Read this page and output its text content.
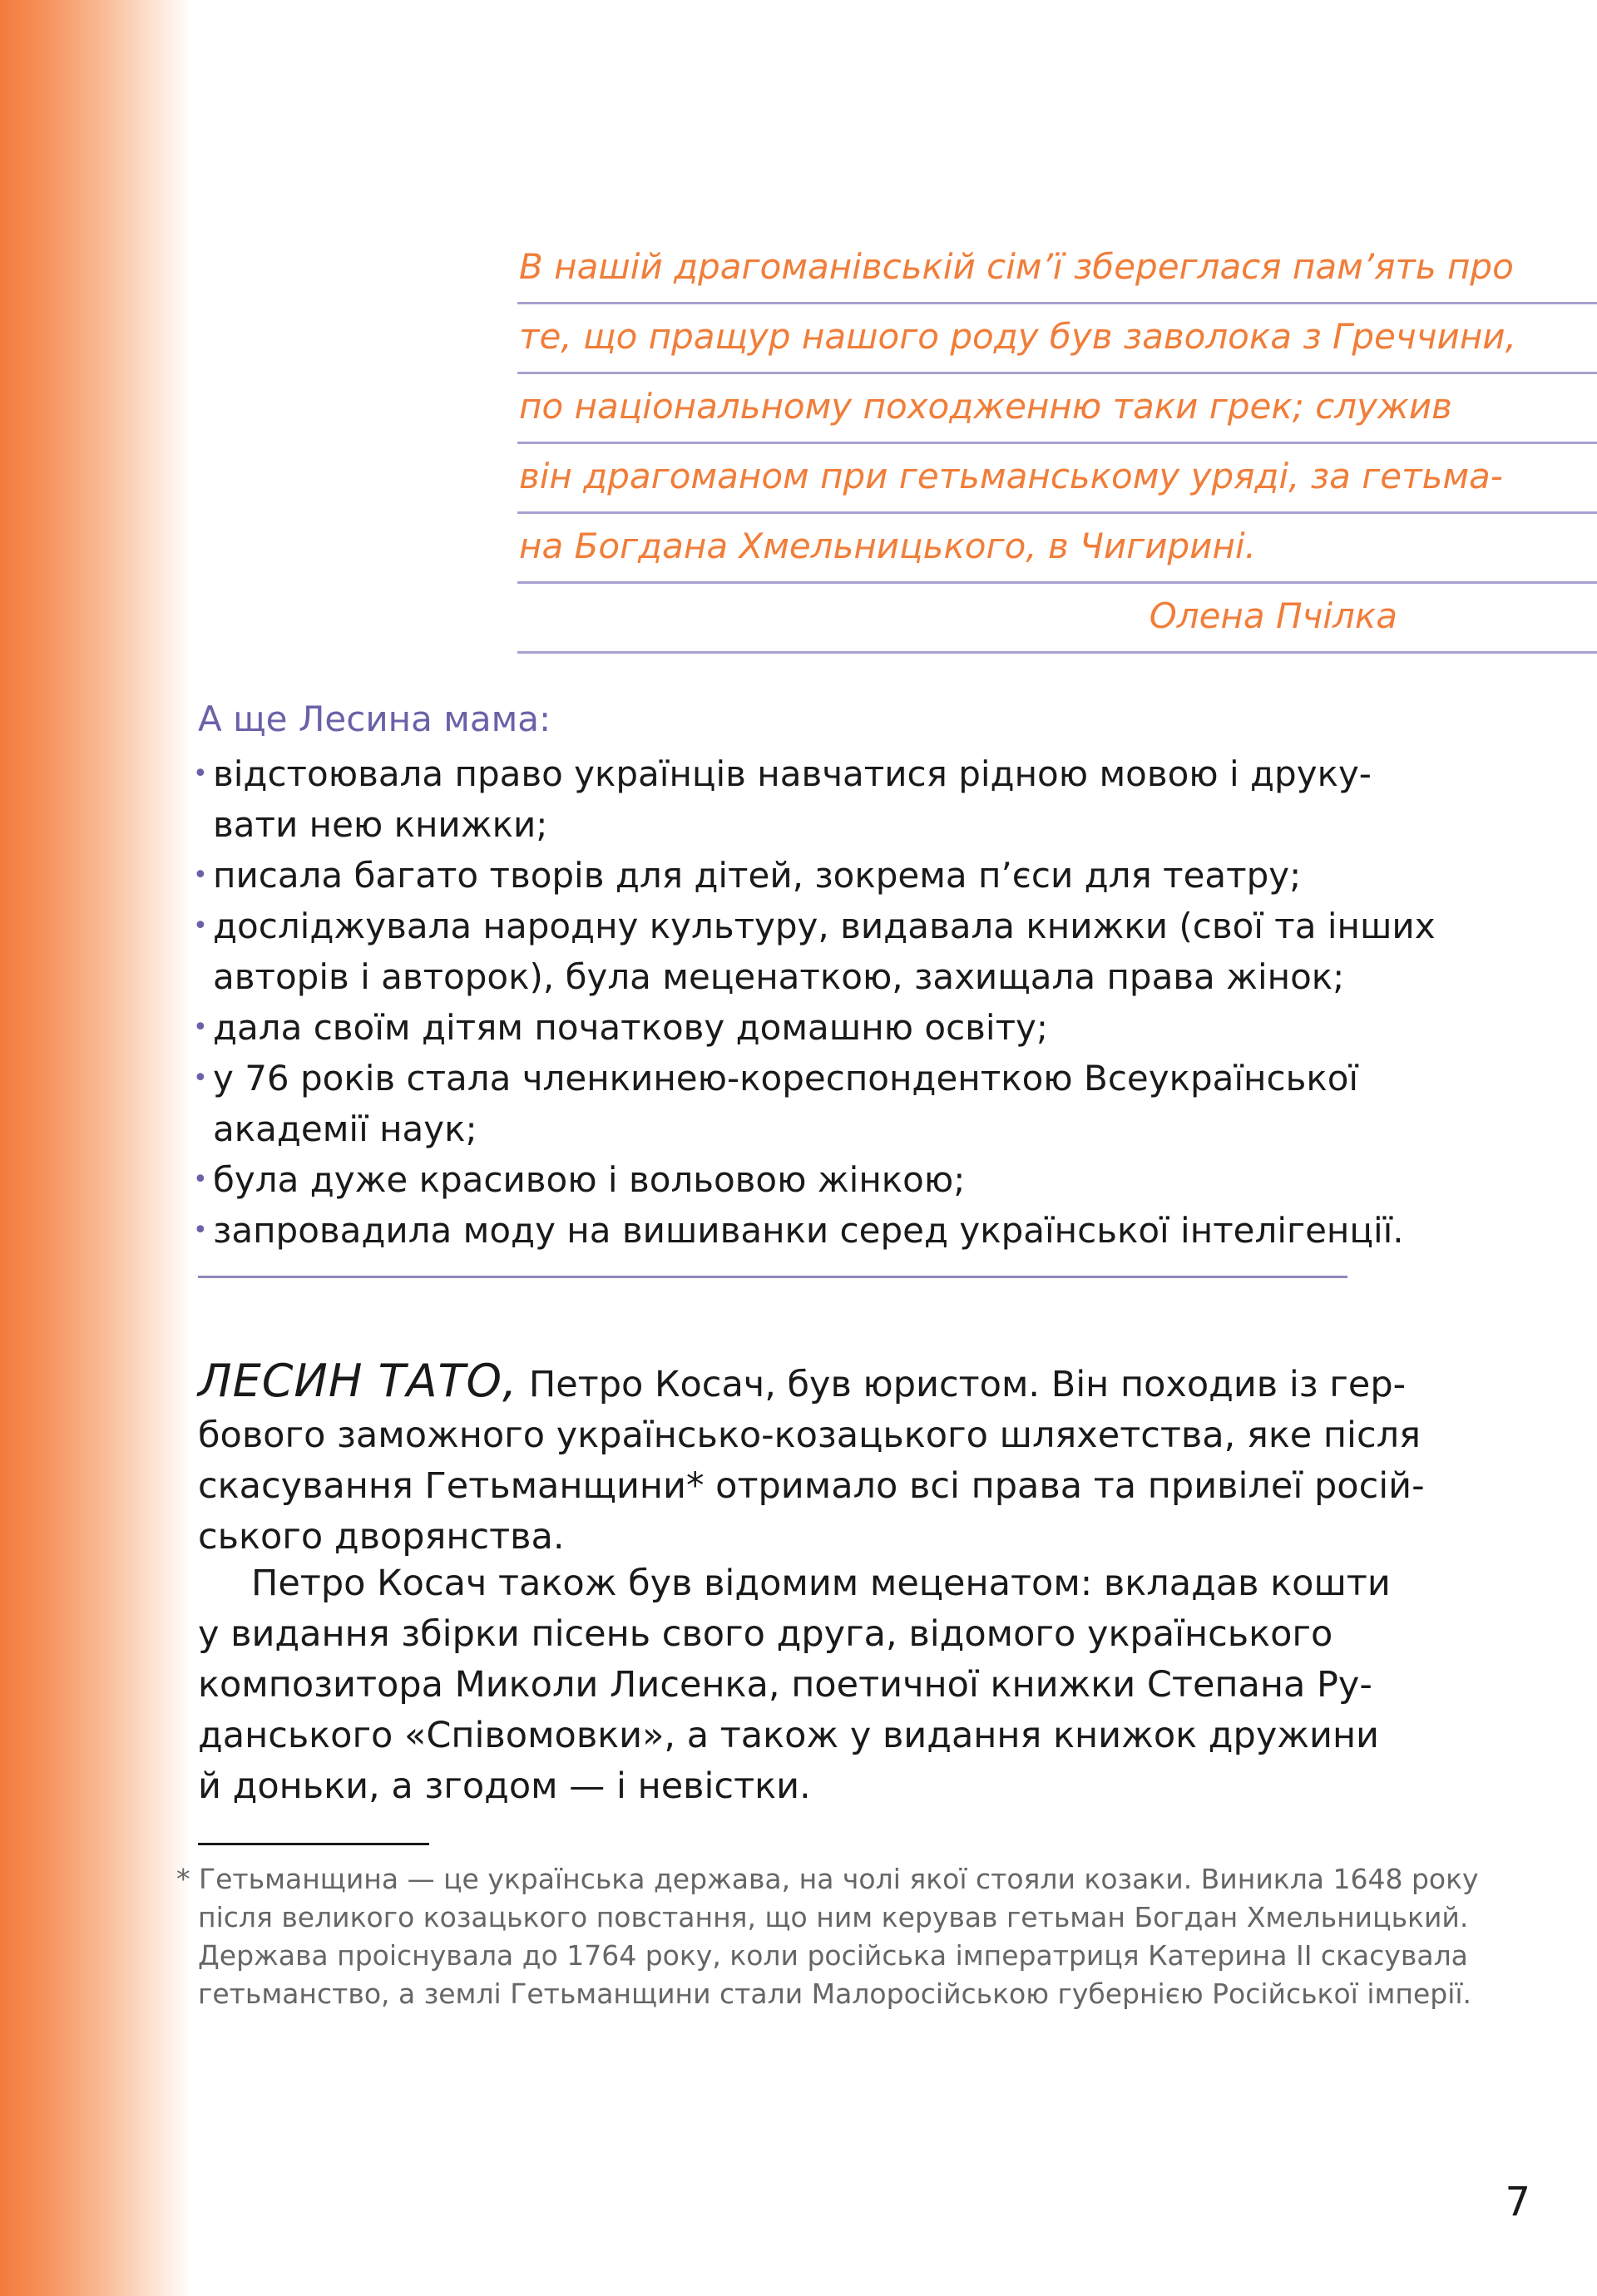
В нашій драгоманівській сім’ї збереглася пам’ять про
те, що пращур нашого роду був заволока з Греччини,
по національному походженню таки грек; служив
він драгоманом при гетьманському уряді, за гетьма-
на Богдана Хмельницького, в Чигирині.
Олена Пчілка
А ще Лесина мама:
• відстоювала право українців навчатися рідною мовою і друку-
вати нею книжки;
• писала багато творів для дітей, зокрема п’єси для театру;
• досліджувала народну культуру, видавала книжки (свої та інших
авторів і авторок), була меценаткою, захищала права жінок;
• дала своїм дітям початкову домашню освіту;
• у 76 років стала членкинею-кореспонденткою Всеукраїнської
академії наук;
• була дуже красивою і вольовою жінкою;
• запровадила моду на вишиванки серед української інтелігенції.
ЛЕСИН ТАТО, Петро Косач, був юристом. Він походив із гер-
бового заможного українсько-козацького шляхетства, яке після
скасування Гетьманщини* отримало всі права та привілеї росій-
ського дворянства.
Петро Косач також був відомим меценатом: вкладав кошти
у видання збірки пісень свого друга, відомого українського
композитора Миколи Лисенка, поетичної книжки Степана Ру-
данського «Співомовки», а також у видання книжок дружини
й доньки, а згодом — і невістки.
* Гетьманщина — це українська держава, на чолі якої стояли козаки. Виникла 1648 року
після великого козацького повстання, що ним керував гетьман Богдан Хмельницький.
Держава проіснувала до 1764 року, коли російська імператриця Катерина II скасувала
гетьманство, а землі Гетьманщини стали Малоросійською губернією Російської імперії.
7
